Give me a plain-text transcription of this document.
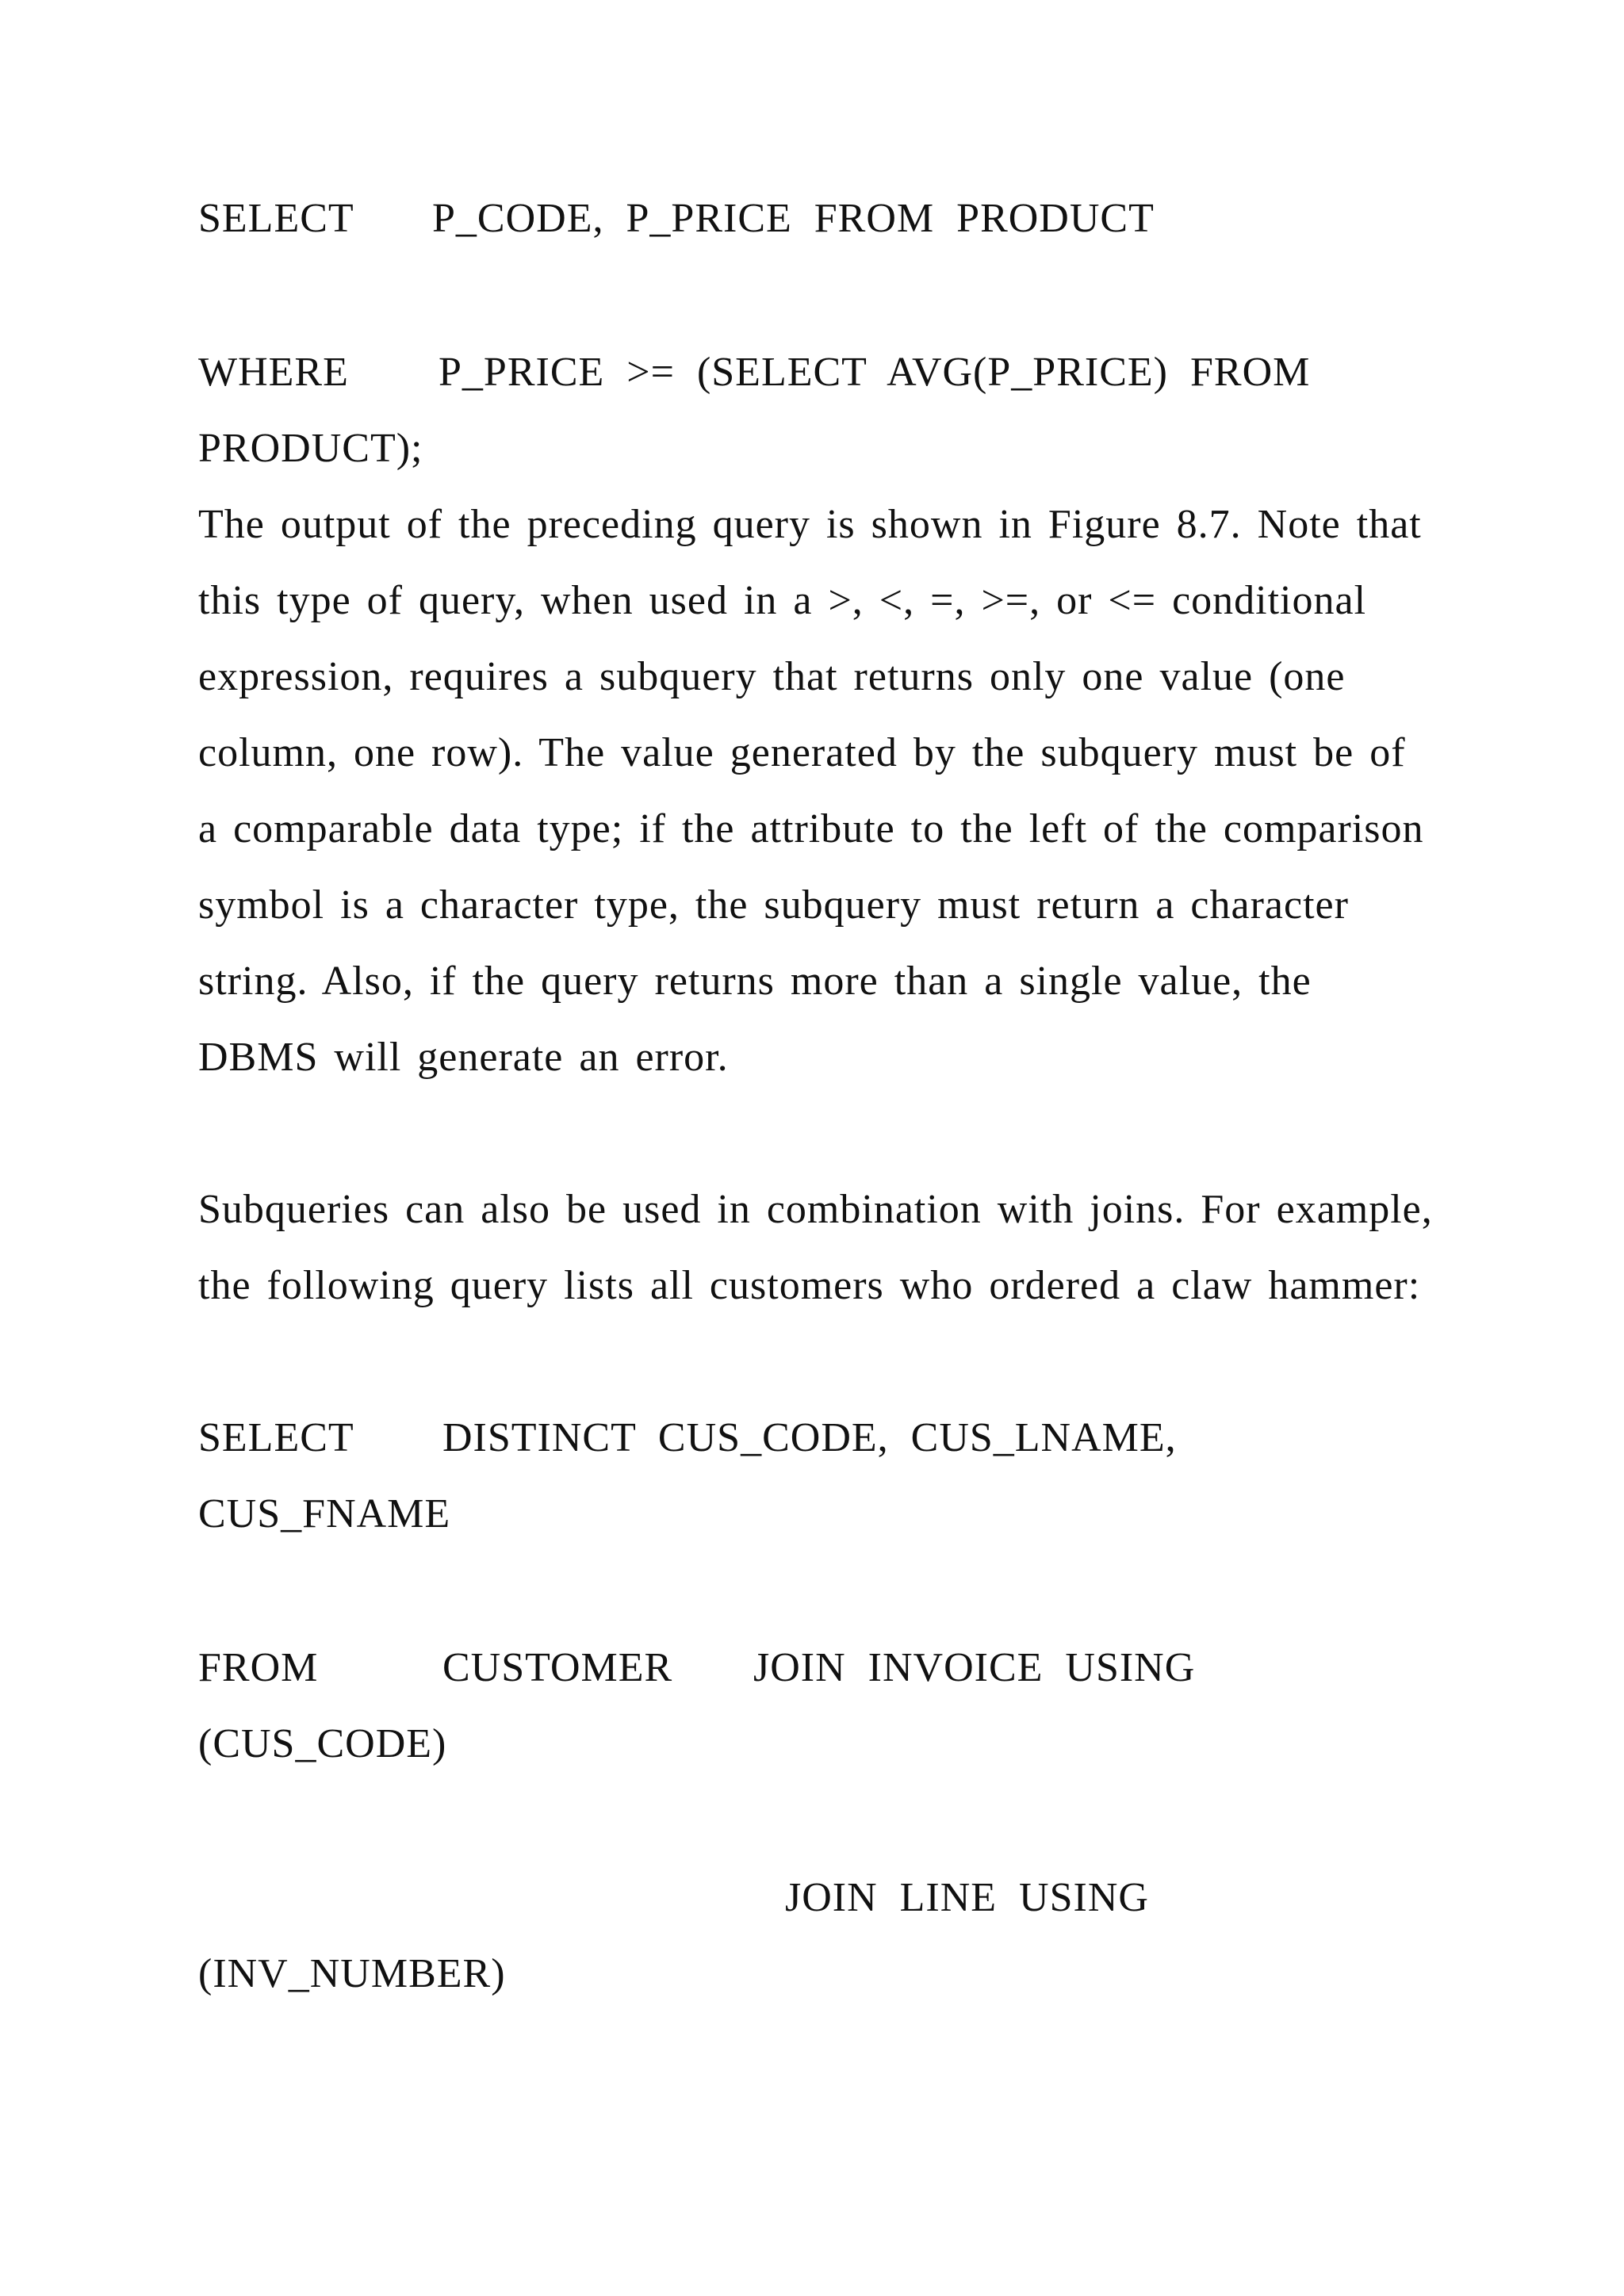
SELECT P_CODE,  P_PRICE  FROM  PRODUCT
WHERE P_PRICE  >=  (SELECT  AVG(P_PRICE)  FROM
PRODUCT);
The output of the preceding query is shown in Figure 8.7. Note that this type of query, when used in a >, <, =, >=, or <= conditional expression, requires a subquery that returns only one value (one column, one row). The value generated by the subquery must be of a comparable data type; if the attribute to the left of the comparison symbol is a character type, the subquery must return a character string. Also, if the query returns more than a single value, the DBMS will generate an error.
Subqueries can also be used in combination with joins. For example, the following query lists all customers who ordered a claw hammer:
SELECT DISTINCT  CUS_CODE,  CUS_LNAME,
CUS_FNAME
FROM	CUSTOMER JOIN  INVOICE  USING
(CUS_CODE)
JOIN  LINE  USING
(INV_NUMBER)
